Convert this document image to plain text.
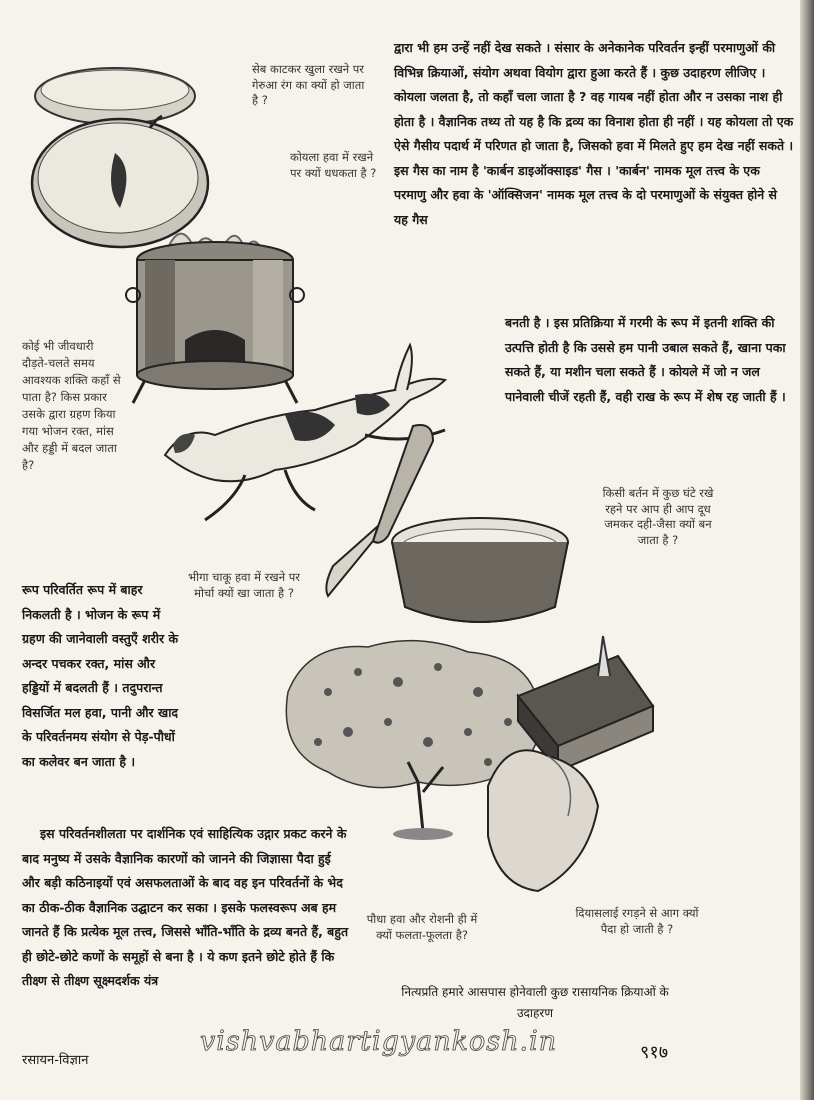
द्वारा भी हम उन्हें नहीं देख सकते । संसार के अनेकानेक परिवर्तन इन्हीं परमाणुओं की विभिन्न क्रियाओं, संयोग अथवा वियोग द्वारा हुआ करते हैं । कुछ उदाहरण लीजिए । कोयला जलता है, तो कहाँ चला जाता है ? वह गायब नहीं होता और न उसका नाश ही होता है । वैज्ञानिक तथ्य तो यह है कि द्रव्य का विनाश होता ही नहीं । यह कोयला तो एक ऐसे गैसीय पदार्थ में परिणत हो जाता है, जिसको हवा में मिलते हुए हम देख नहीं सकते । इस गैस का नाम है 'कार्बन डाइऑक्साइड' गैस । 'कार्बन' नामक मूल तत्त्व के एक परमाणु और हवा के 'ऑक्सिजन' नामक मूल तत्त्व के दो परमाणुओं के संयुक्त होने से यह गैस

बनती है । इस प्रतिक्रिया में गरमी के रूप में इतनी शक्ति की उत्पत्ति होती है कि उससे हम पानी उबाल सकते हैं, खाना पका सकते हैं, या मशीन चला सकते हैं । कोयले में जो न जल पानेवाली चीजें रहती हैं, वही राख के रूप में शेष रह जाती हैं ।

रूप परिवर्तित रूप में बाहर निकलती है । भोजन के रूप में ग्रहण की जानेवाली वस्तुएँ शरीर के अन्दर पचकर रक्त, मांस और हड्डियों में बदलती हैं । तदुपरान्त विसर्जित मल हवा, पानी और खाद के परिवर्तनमय संयोग से पेड़-पौधों का कलेवर बन जाता है ।

इस परिवर्तनशीलता पर दार्शनिक एवं साहित्यिक उद्गार प्रकट करने के बाद मनुष्य में उसके वैज्ञानिक कारणों को जानने की जिज्ञासा पैदा हुई और बड़ी कठिनाइयों एवं असफलताओं के बाद वह इन परिवर्तनों के भेद का ठीक-ठीक वैज्ञानिक उद्घाटन कर सका । इसके फलस्वरूप अब हम जानते हैं कि प्रत्येक मूल तत्त्व, जिससे भाँति-भाँति के द्रव्य बनते हैं, बहुत ही छोटे-छोटे कणों के समूहों से बना है । ये कण इतने छोटे होते हैं कि तीक्ष्ण से तीक्ष्ण सूक्ष्मदर्शक यंत्र

सेब काटकर खुला रखने पर गेरुआ रंग का क्यों हो जाता है ?
कोयला हवा में रखने पर क्यों धधकता है ?
कोई भी जीवधारी दौड़ते-चलते समय आवश्यक शक्ति कहाँ से पाता है? किस प्रकार उसके द्वारा ग्रहण किया गया भोजन रक्त, मांस और हड्डी में बदल जाता है?
किसी बर्तन में कुछ घंटे रखे रहने पर आप ही आप दूध जमकर दही-जैसा क्यों बन जाता है ?
भीगा चाकू हवा में रखने पर मोर्चा क्यों खा जाता है ?
पौधा हवा और रोशनी ही में क्यों फलता-फूलता है?
दियासलाई रगड़ने से आग क्यों पैदा हो जाती है ?
नित्यप्रति हमारे आसपास होनेवाली कुछ रासायनिक क्रियाओं के उदाहरण
रसायन-विज्ञान
vishvabhartigyankosh.in	९१७
